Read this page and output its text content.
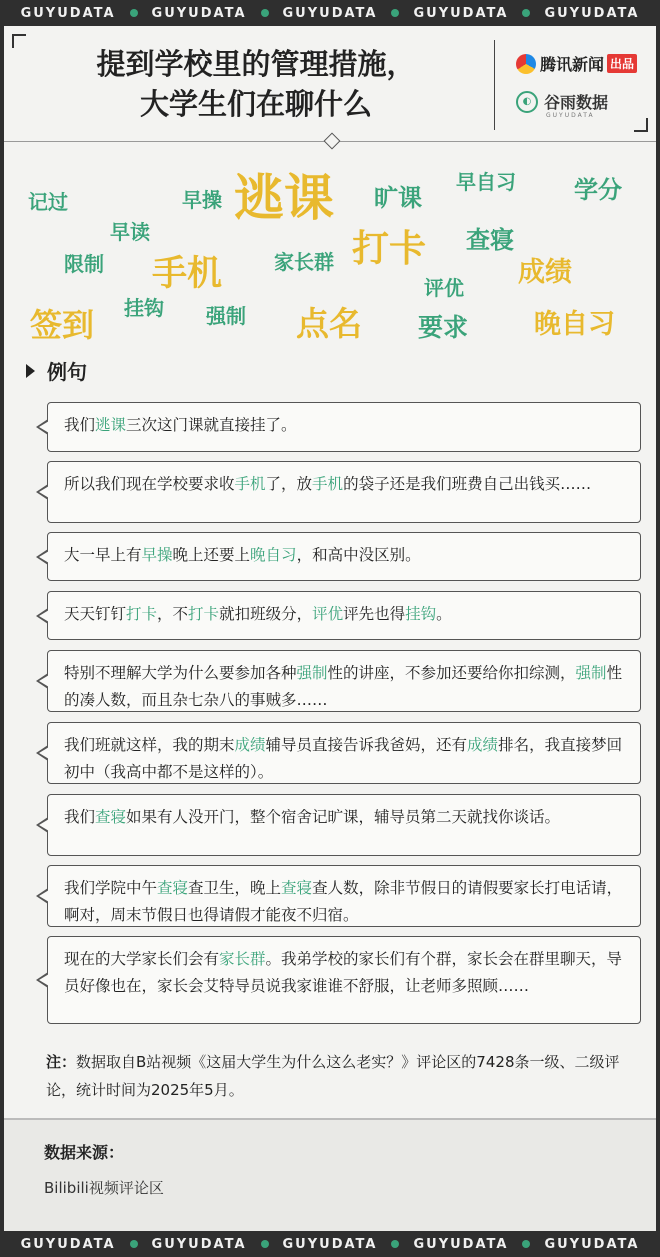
GUYUDATA	GUYUDATA	GUYUDATA	GUYUDATA	GUYUDATA
提到学校里的管理措施，
大学生们在聊什么
腾讯新闻 出品
◐ 谷雨数据
GUYUDATA
逃课
打卡
手机
点名
签到
成绩
晚自习
记过	早操	旷课
早自习 学分
早读	查寝
限制	家长群
评优
挂钩 强制	要求
例句
我们逃课三次这门课就直接挂了。
所以我们现在学校要求收手机了，放手机的袋子还是我们班费自己出钱买……
大一早上有早操晚上还要上晚自习，和高中没区别。
天天钉钉打卡，不打卡就扣班级分，评优评先也得挂钩。
特别不理解大学为什么要参加各种强制性的讲座，不参加还要给你扣综测，强制性的凑人数，而且杂七杂八的事贼多……
我们班就这样，我的期末成绩辅导员直接告诉我爸妈，还有成绩排名，我直接梦回初中（我高中都不是这样的）。
我们查寝如果有人没开门，整个宿舍记旷课，辅导员第二天就找你谈话。
我们学院中午查寝查卫生，晚上查寝查人数，除非节假日的请假要家长打电话请，啊对，周末节假日也得请假才能夜不归宿。
现在的大学家长们会有家长群。我弟学校的家长们有个群，家长会在群里聊天，导员好像也在，家长会艾特导员说我家谁谁不舒服，让老师多照顾……
注：数据取自B站视频《这届大学生为什么这么老实？》评论区的7428条一级、二级评论，统计时间为2025年5月。
数据来源：
Bilibili视频评论区
GUYUDATA	GUYUDATA	GUYUDATA	GUYUDATA	GUYUDATA
